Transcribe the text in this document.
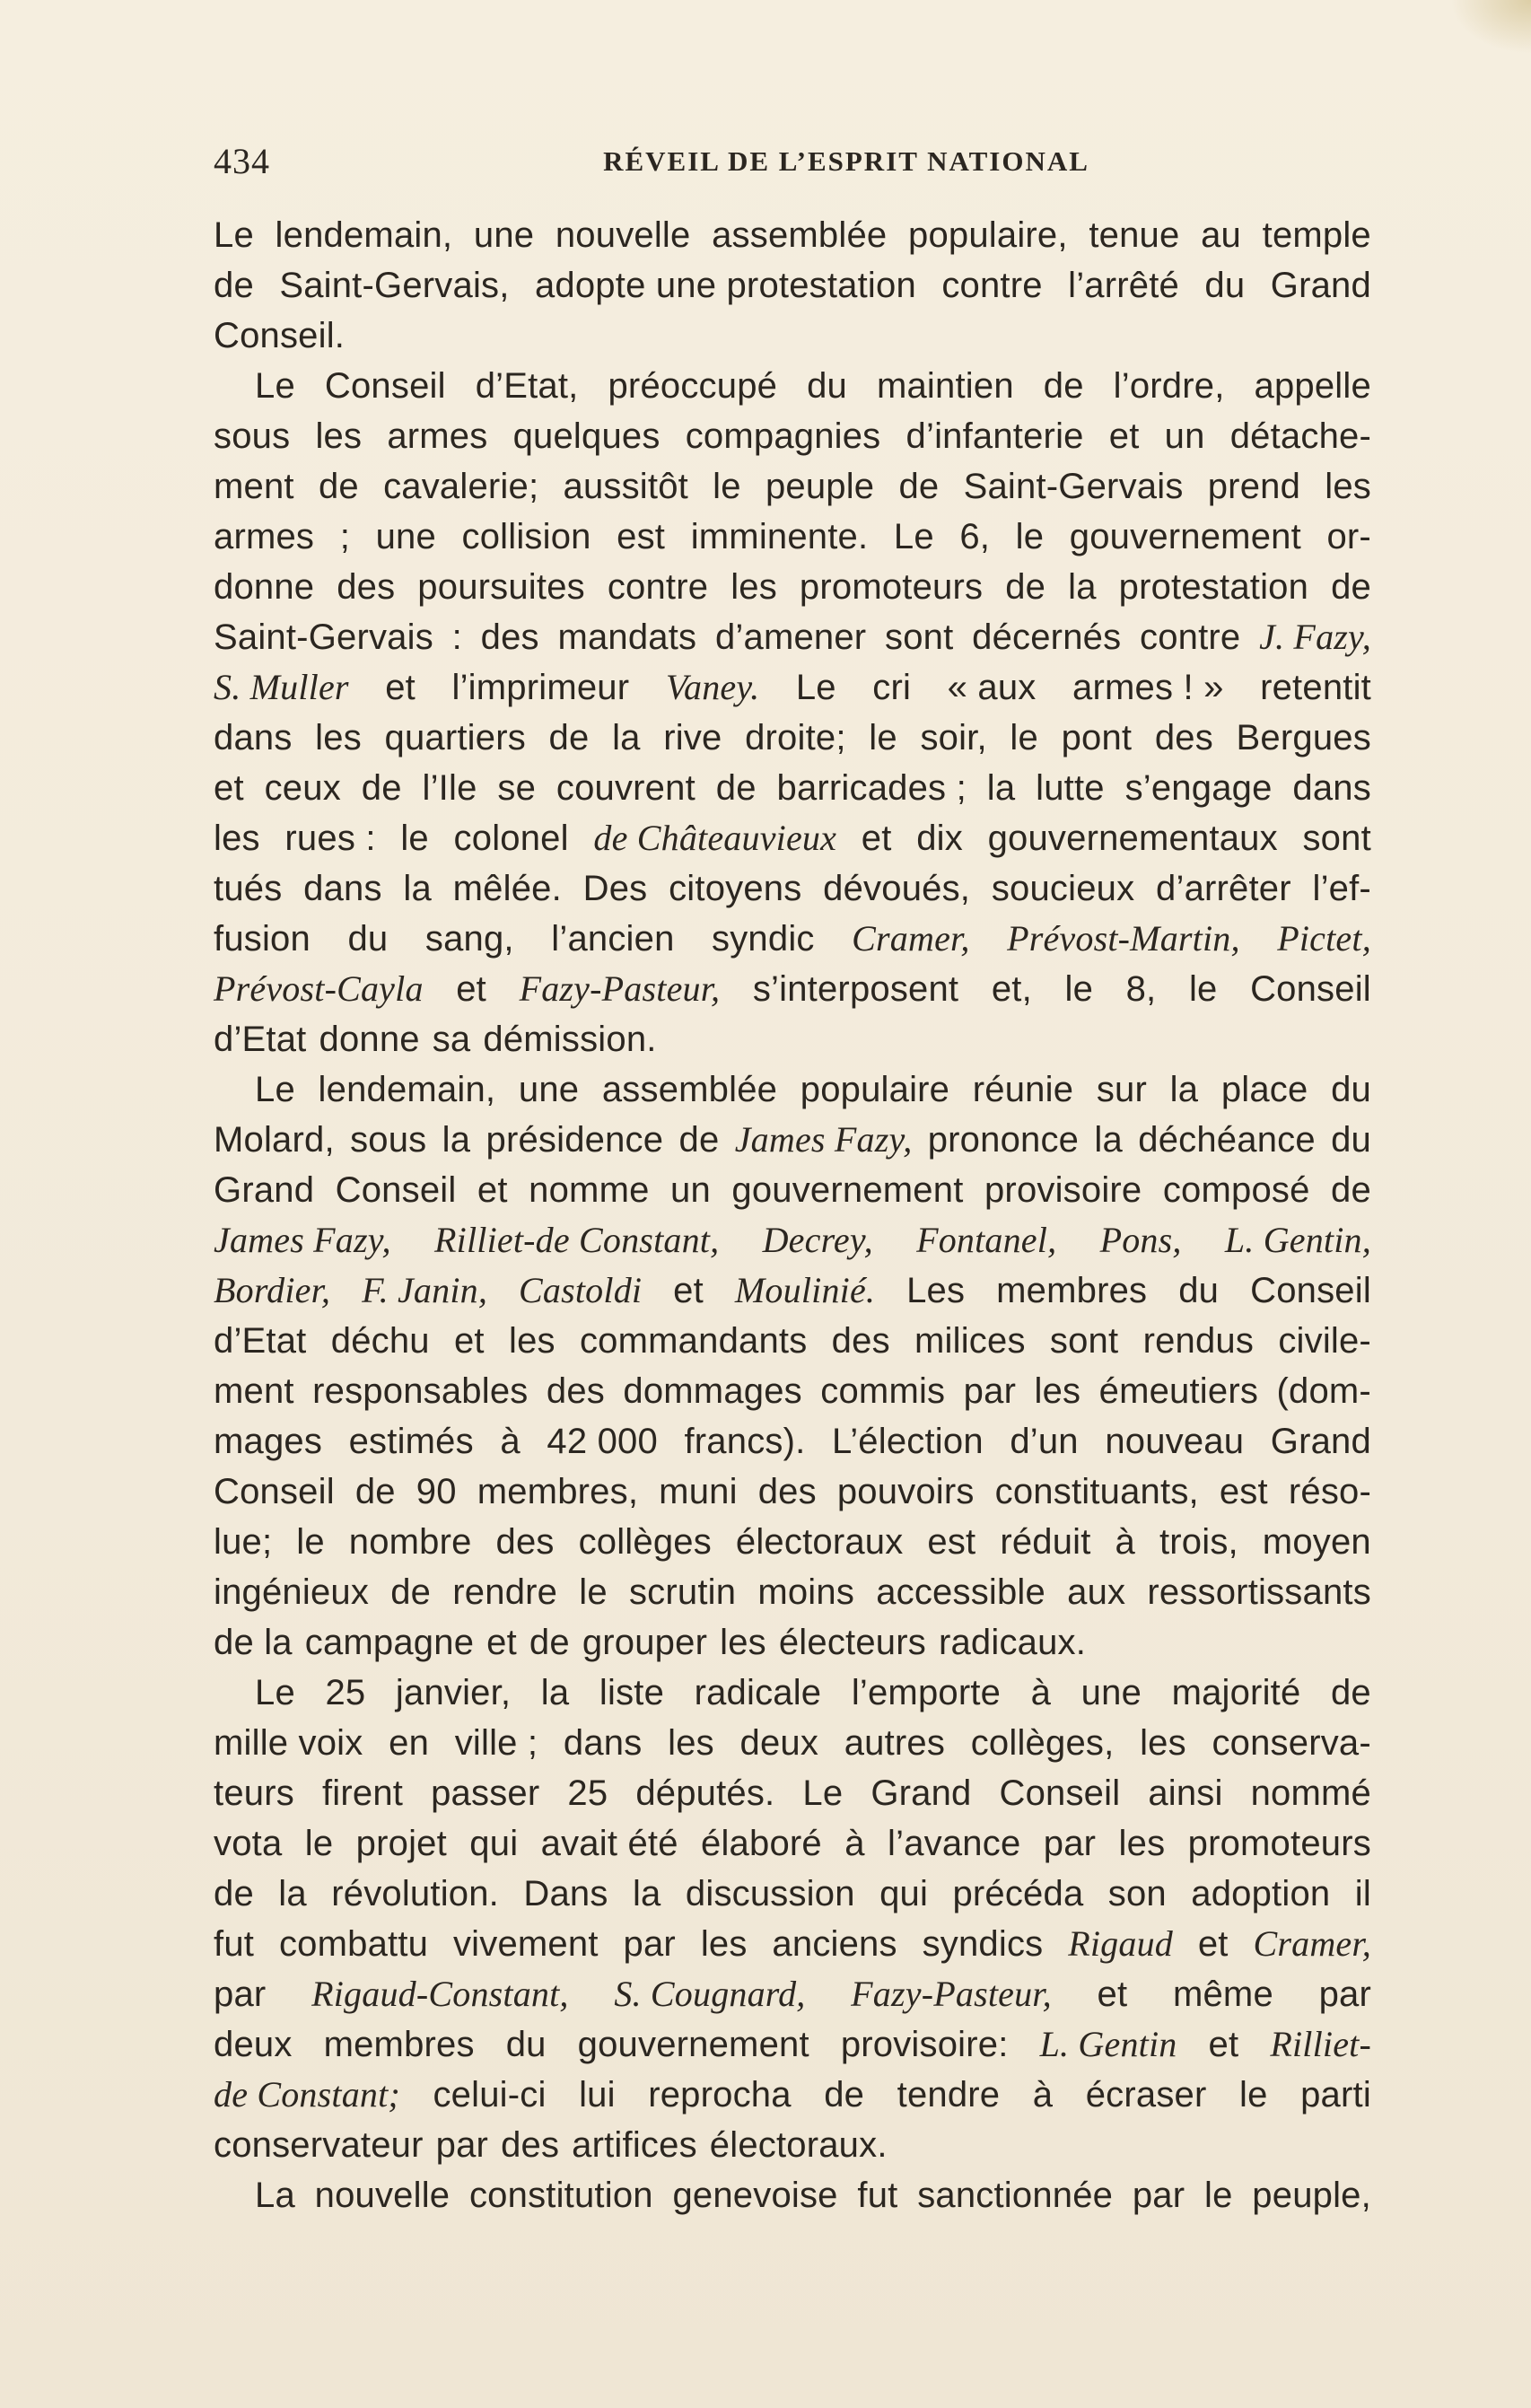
434	RÉVEIL DE L’ESPRIT NATIONAL
Le lendemain, une nouvelle assemblée populaire, tenue au temple
de Saint-Gervais, adopte une protestation contre l’arrêté du Grand
Conseil.
Le Conseil d’Etat, préoccupé du maintien de l’ordre, appelle
sous les armes quelques compagnies d’infanterie et un détache-
ment de cavalerie; aussitôt le peuple de Saint-Gervais prend les
armes ; une collision est imminente. Le 6, le gouvernement or-
donne des poursuites contre les promoteurs de la protestation de
Saint-Gervais : des mandats d’amener sont décernés contre J. Fazy,
S. Muller et l’imprimeur Vaney. Le cri « aux armes ! » retentit
dans les quartiers de la rive droite; le soir, le pont des Bergues
et ceux de l’Ile se couvrent de barricades ; la lutte s’engage dans
les rues : le colonel de Châteauvieux et dix gouvernementaux sont
tués dans la mêlée. Des citoyens dévoués, soucieux d’arrêter l’ef-
fusion du sang, l’ancien syndic Cramer, Prévost-Martin, Pictet,
Prévost-Cayla et Fazy-Pasteur, s’interposent et, le 8, le Conseil
d’Etat donne sa démission.
Le lendemain, une assemblée populaire réunie sur la place du
Molard, sous la présidence de James Fazy, prononce la déchéance du
Grand Conseil et nomme un gouvernement provisoire composé de
James Fazy, Rilliet-de Constant, Decrey, Fontanel, Pons, L. Gentin,
Bordier, F. Janin, Castoldi et Moulinié. Les membres du Conseil
d’Etat déchu et les commandants des milices sont rendus civile-
ment responsables des dommages commis par les émeutiers (dom-
mages estimés à 42 000 francs). L’élection d’un nouveau Grand
Conseil de 90 membres, muni des pouvoirs constituants, est réso-
lue; le nombre des collèges électoraux est réduit à trois, moyen
ingénieux de rendre le scrutin moins accessible aux ressortissants
de la campagne et de grouper les électeurs radicaux.
Le 25 janvier, la liste radicale l’emporte à une majorité de
mille voix en ville ; dans les deux autres collèges, les conserva-
teurs firent passer 25 députés. Le Grand Conseil ainsi nommé
vota le projet qui avait été élaboré à l’avance par les promoteurs
de la révolution. Dans la discussion qui précéda son adoption il
fut combattu vivement par les anciens syndics Rigaud et Cramer,
par Rigaud-Constant, S. Cougnard, Fazy-Pasteur, et même par
deux membres du gouvernement provisoire: L. Gentin et Rilliet-
de Constant; celui-ci lui reprocha de tendre à écraser le parti
conservateur par des artifices électoraux.
La nouvelle constitution genevoise fut sanctionnée par le peuple,
